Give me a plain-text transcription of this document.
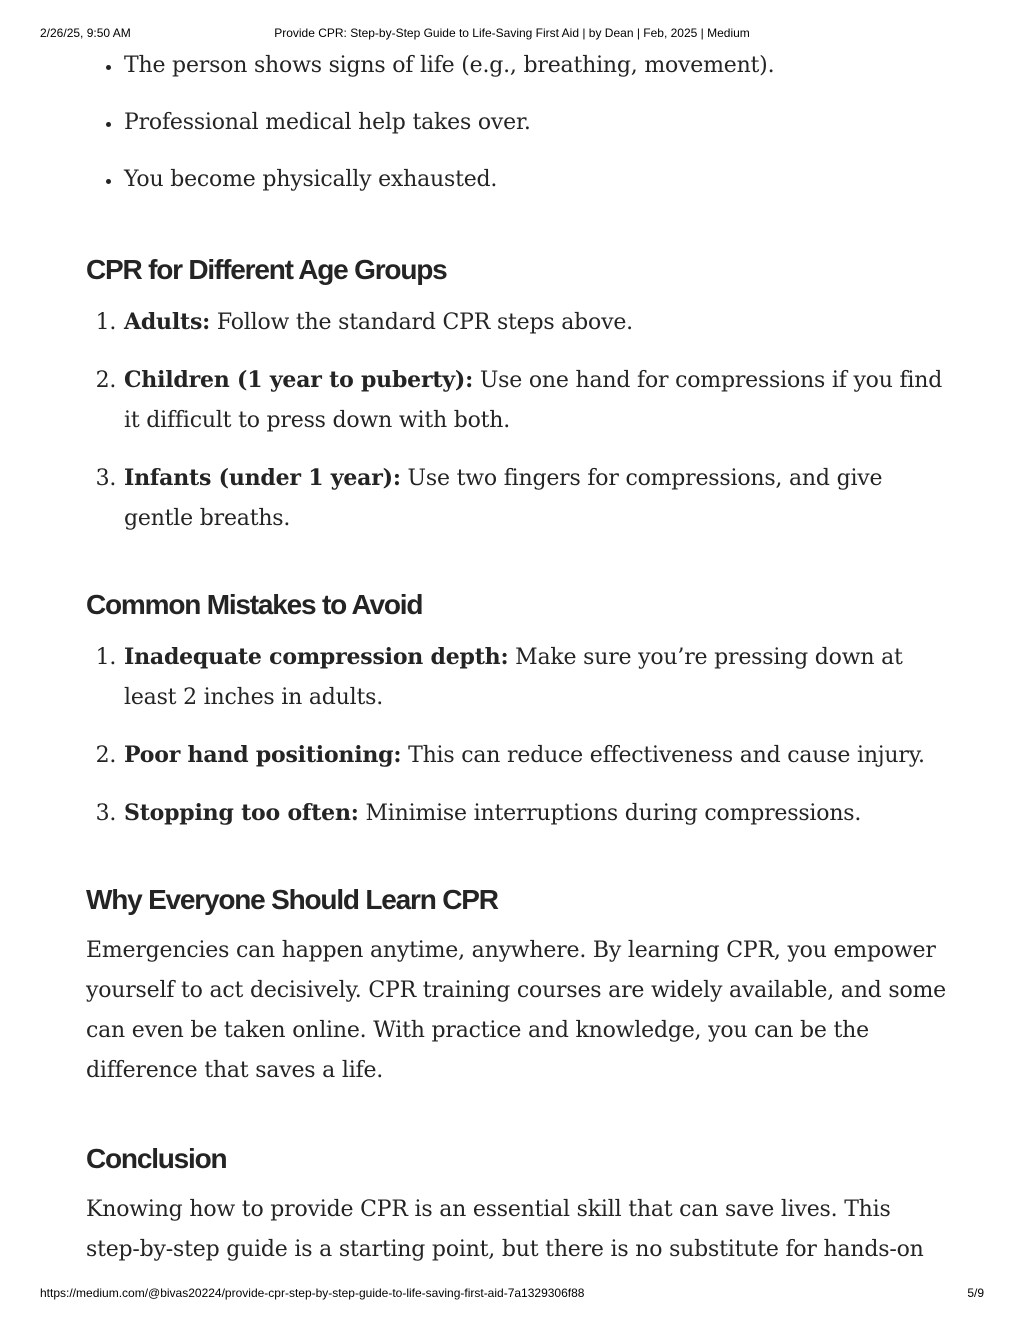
2/26/25, 9:50 AM	Provide CPR: Step-by-Step Guide to Life-Saving First Aid | by Dean | Feb, 2025 | Medium
• The person shows signs of life (e.g., breathing, movement).
• Professional medical help takes over.
• You become physically exhausted.
CPR for Different Age Groups
1. Adults: Follow the standard CPR steps above.
2. Children (1 year to puberty): Use one hand for compressions if you find it difficult to press down with both.
3. Infants (under 1 year): Use two fingers for compressions, and give gentle breaths.
Common Mistakes to Avoid
1. Inadequate compression depth: Make sure you’re pressing down at least 2 inches in adults.
2. Poor hand positioning: This can reduce effectiveness and cause injury.
3. Stopping too often: Minimise interruptions during compressions.
Why Everyone Should Learn CPR

Emergencies can happen anytime, anywhere. By learning CPR, you empower yourself to act decisively. CPR training courses are widely available, and some can even be taken online. With practice and knowledge, you can be the difference that saves a life.

Conclusion

Knowing how to provide CPR is an essential skill that can save lives. This step-by-step guide is a starting point, but there is no substitute for hands-on

https://medium.com/@bivas20224/provide-cpr-step-by-step-guide-to-life-saving-first-aid-7a1329306f88	5/9
